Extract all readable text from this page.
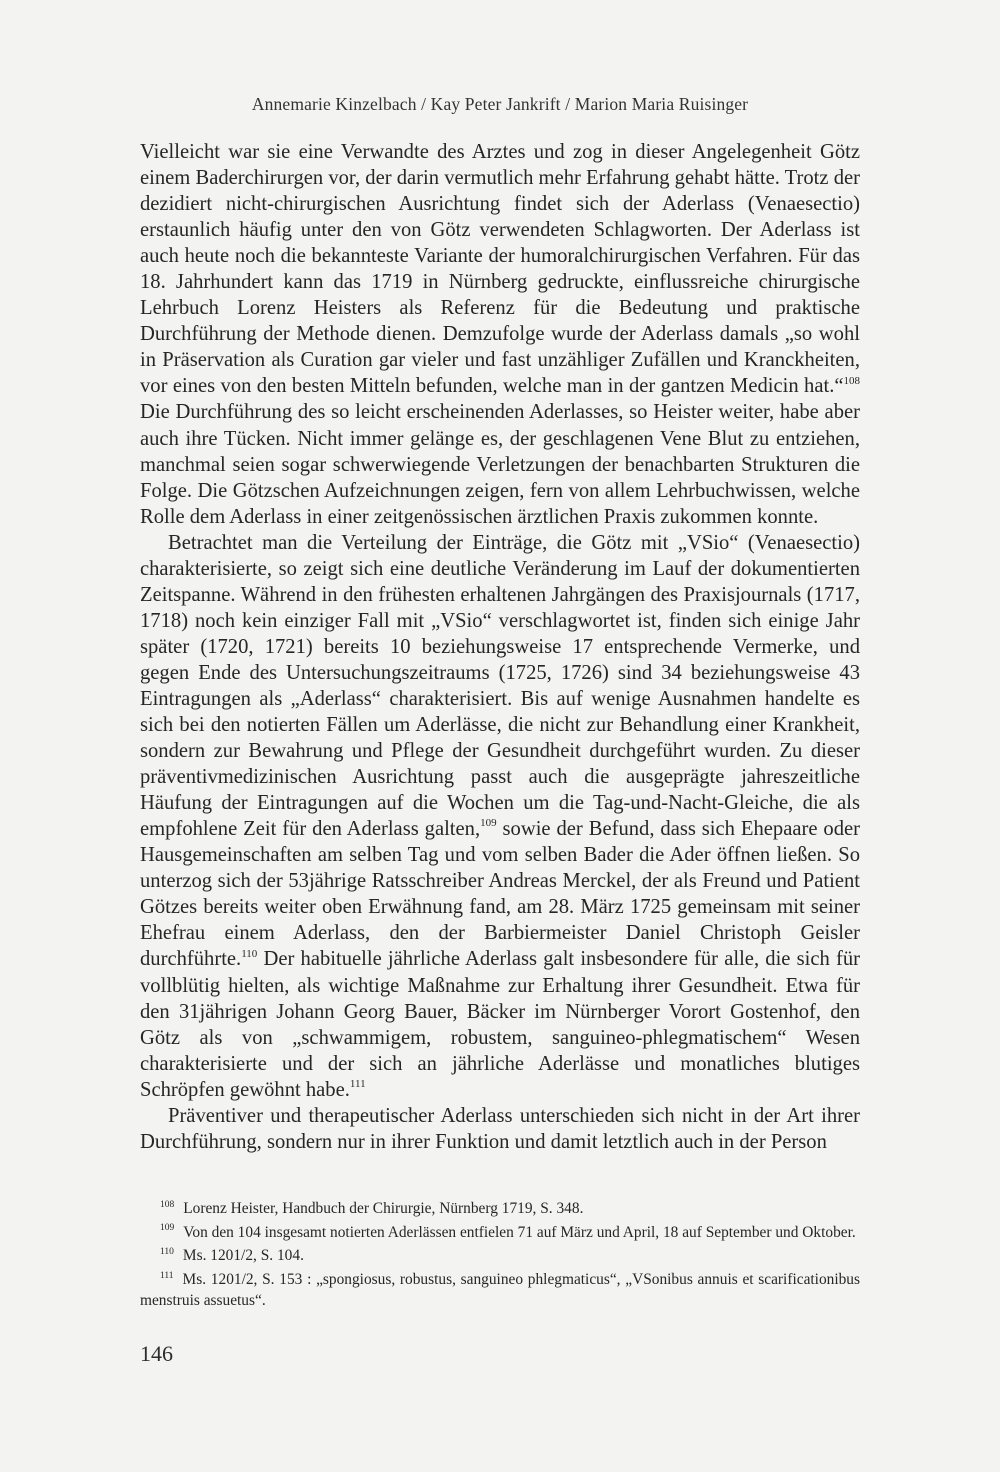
Annemarie Kinzelbach / Kay Peter Jankrift / Marion Maria Ruisinger

Vielleicht war sie eine Verwandte des Arztes und zog in dieser Angelegenheit Götz einem Baderchirurgen vor, der darin vermutlich mehr Erfahrung gehabt hätte. Trotz der dezidiert nicht-chirurgischen Ausrichtung findet sich der Aderlass (Venaesectio) erstaunlich häufig unter den von Götz verwendeten Schlagworten. Der Aderlass ist auch heute noch die bekannteste Variante der humoralchirurgischen Verfahren. Für das 18. Jahrhundert kann das 1719 in Nürnberg gedruckte, einflussreiche chirurgische Lehrbuch Lorenz Heisters als Referenz für die Bedeutung und praktische Durchführung der Methode dienen. Demzufolge wurde der Aderlass damals „so wohl in Präservation als Curation gar vieler und fast unzähliger Zufällen und Kranckheiten, vor eines von den besten Mitteln befunden, welche man in der gantzen Medicin hat.“$^{108}$ Die Durchführung des so leicht erscheinenden Aderlasses, so Heister weiter, habe aber auch ihre Tücken. Nicht immer gelänge es, der geschlagenen Vene Blut zu entziehen, manchmal seien sogar schwerwiegende Verletzungen der benachbarten Strukturen die Folge. Die Götzschen Aufzeichnungen zeigen, fern von allem Lehrbuchwissen, welche Rolle dem Aderlass in einer zeitgenössischen ärztlichen Praxis zukommen konnte.

Betrachtet man die Verteilung der Einträge, die Götz mit „VSio“ (Venaesectio) charakterisierte, so zeigt sich eine deutliche Veränderung im Lauf der dokumentierten Zeitspanne. Während in den frühesten erhaltenen Jahrgängen des Praxisjournals (1717, 1718) noch kein einziger Fall mit „VSio“ verschlagwortet ist, finden sich einige Jahr später (1720, 1721) bereits 10 beziehungsweise 17 entsprechende Vermerke, und gegen Ende des Untersuchungszeitraums (1725, 1726) sind 34 beziehungsweise 43 Eintragungen als „Aderlass“ charakterisiert. Bis auf wenige Ausnahmen handelte es sich bei den notierten Fällen um Aderlässe, die nicht zur Behandlung einer Krankheit, sondern zur Bewahrung und Pflege der Gesundheit durchgeführt wurden. Zu dieser präventivmedizinischen Ausrichtung passt auch die ausgeprägte jahreszeitliche Häufung der Eintragungen auf die Wochen um die Tag-und-Nacht-Gleiche, die als empfohlene Zeit für den Aderlass galten,$^{109}$ sowie der Befund, dass sich Ehepaare oder Hausgemeinschaften am selben Tag und vom selben Bader die Ader öffnen ließen. So unterzog sich der 53jährige Ratsschreiber Andreas Merckel, der als Freund und Patient Götzes bereits weiter oben Erwähnung fand, am 28. März 1725 gemeinsam mit seiner Ehefrau einem Aderlass, den der Barbiermeister Daniel Christoph Geisler durchführte.$^{110}$ Der habituelle jährliche Aderlass galt insbesondere für alle, die sich für vollblütig hielten, als wichtige Maßnahme zur Erhaltung ihrer Gesundheit. Etwa für den 31jährigen Johann Georg Bauer, Bäcker im Nürnberger Vorort Gostenhof, den Götz als von „schwammigem, robustem, sanguineo-phlegmatischem“ Wesen charakterisierte und der sich an jährliche Aderlässe und monatliches blutiges Schröpfen gewöhnt habe.$^{111}$

Präventiver und therapeutischer Aderlass unterschieden sich nicht in der Art ihrer Durchführung, sondern nur in ihrer Funktion und damit letztlich auch in der Person

$^{108}$ Lorenz Heister, Handbuch der Chirurgie, Nürnberg 1719, S. 348.

$^{109}$ Von den 104 insgesamt notierten Aderlässen entfielen 71 auf März und April, 18 auf September und Oktober.

$^{110}$ Ms. 1201/2, S. 104.

$^{111}$ Ms. 1201/2, S. 153 : „spongiosus, robustus, sanguineo phlegmaticus“, „VSonibus annuis et scarificationibus menstruis assuetus“.

146
